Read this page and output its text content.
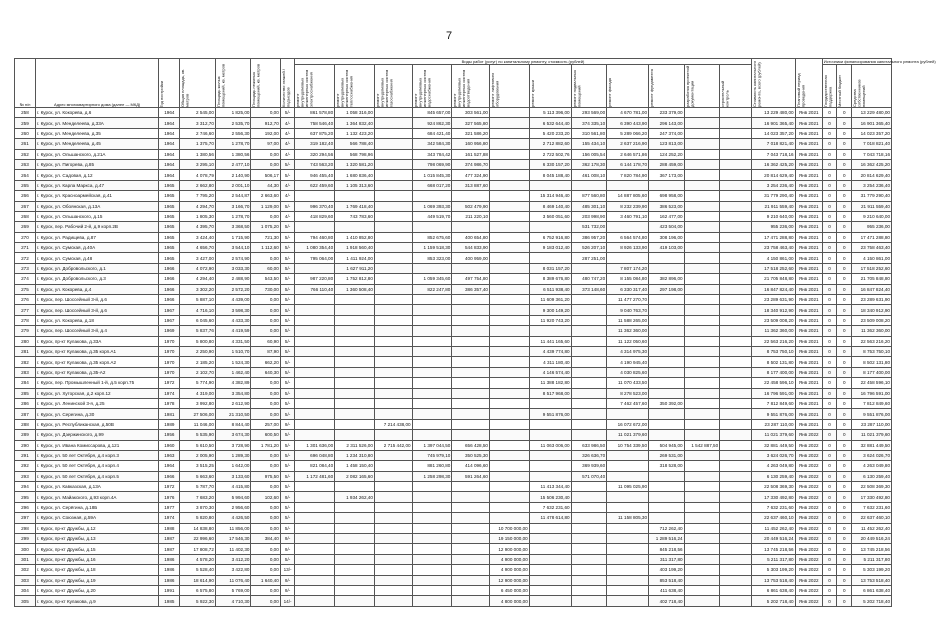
7
№ п/п	Адрес многоквартирного дома (далее — МКД)	Год постройки	Общая площадь, кв. метров	Площадь жилых помещений, кв. метров	Площадь нежилых помещений, кв. метров	Количество этажей / подъездов	Виды работ (услуг) по капитальному ремонту, стоимость (рублей)												Стоимость капитального ремонта, всего (рублей)	Плановый период проведения	Источники финансирования капитального ремонта (рублей)		

							ремонт внутридомовых инженерных систем электроснабжения	ремонт внутридомовых инженерных систем теплоснабжения	ремонт внутридомовых инженерных систем газоснабжения	ремонт внутридомовых инженерных систем водоснабжения	ремонт внутридомовых инженерных систем водоотведения	ремонт лифтового оборудования	ремонт крыши	ремонт подвальных помещений	ремонт фасада	ремонт фундамента	разработка проектной документации	строительный контроль			Государственная поддержка	Местный бюджет	Средства собственников помещений

258	г. Курск, ул. Кокорева, д.6	1964	2 545,00	1 825,00	0,00	5/-	861 578,80	1 058 316,00		845 657,00	303 561,00		5 113 396,00	293 569,00	4 670 781,00	233 379,00			13 229 480,00	Янв 2021	0	0	13 229 480,00
259	г. Курск, ул. Менделеева, д.33А	1964	3 312,70	2 535,70	912,70	4/-	758 546,40	1 364 832,40		924 862,30	327 565,80		6 532 644,40	374 335,10	6 390 443,90	296 143,00			16 901 365,40	Янв 2021	0	0	16 901 365,40
260	г. Курск, ул. Менделеева, д.35	1964	2 746,60	2 556,30	192,00	4/-	637 875,20	1 132 423,20		684 421,40	321 586,20		5 420 233,20	310 561,80	5 289 066,20	247 374,00			14 023 357,20	Янв 2021	0	0	14 023 357,20
261	г. Курск, ул. Менделеева, д.45	1964	1 375,70	1 278,70	97,00	4/-	319 182,40	566 788,40		342 584,30	160 956,80		2 712 882,60	155 434,10	2 637 216,90	123 813,00			7 018 821,40	Янв 2021	0	0	7 018 821,40
262	г. Курск, ул. Ольшанского, д.21А	1964	1 380,56	1 380,56	0,00	4/-	320 294,56	568 798,96		343 784,42	161 527,88		2 722 502,76	156 005,54	2 646 571,86	124 252,20			7 043 718,16	Янв 2021	0	0	7 043 718,16
263	г. Курск, ул. Пигорева, д.85	1964	3 295,10	2 477,10	0,00	5/-	743 563,20	1 320 581,20		798 069,90	374 986,70		6 330 157,20	362 178,30	6 144 178,70	288 459,00			16 362 425,20	Янв 2021	0	0	16 362 425,20
264	г. Курск, ул. Садовая, д.12	1964	4 078,79	2 140,90	506,17	5/-	946 455,40	1 680 836,40		1 015 845,30	477 324,90		8 045 188,40	461 008,10	7 820 784,90	367 173,00			20 814 629,40	Янв 2021	0	0	20 814 629,40
265	г. Курск, ул. Карла Маркса, д.47	1965	2 662,80	2 001,10	44,30	4/-	622 459,60	1 105 313,60		668 017,20	313 887,60								3 254 236,40	Янв 2021	0	0	3 254 236,40
266	г. Курск, ул. Красноармейская, д.41	1965	7 795,20	2 544,87	2 663,60	4/-							15 314 946,40	877 560,80	14 887 805,60	698 958,00			31 779 290,40	Янв 2021	0	0	31 779 290,40
267	г. Курск, ул. Обоянская, д.13А	1965	4 294,70	3 166,70	1 129,00	5/-	996 370,40	1 769 418,40		1 069 393,30	502 479,90		8 469 140,40	485 301,10	8 232 239,90	386 523,00			21 911 559,40	Янв 2021	0	0	21 911 559,40
268	г. Курск, ул. Ольшанского, д.15	1965	1 805,30	1 278,70	0,00	4/-	418 829,60	743 783,60		449 519,70	211 220,10		3 560 051,60	203 998,90	3 460 791,10	162 477,00			9 210 640,00	Янв 2021	0	0	9 210 640,00
269	г. Курск, пер. Рабочий 2-й, д.9 корп.2В	1965	4 395,70	3 368,50	1 075,20	5/-								531 732,00		423 504,00			955 236,00	Янв 2021	0	0	955 236,00
270	г. Курск, ул. Радищева, д.87	1965	3 424,40	1 715,90	721,30	5/-	794 460,80	1 410 852,80		852 675,60	400 654,80		6 752 916,80	386 957,20	6 564 574,80	308 196,00			17 471 288,80	Янв 2021	0	0	17 471 288,80
271	г. Курск, ул. Сумская, д.40А	1965	4 656,70	3 544,10	1 112,60	5/-	1 080 354,40	1 918 560,40		1 159 518,30	544 833,90		9 183 012,40	526 207,10	8 926 133,90	419 103,00			23 758 463,40	Янв 2021	0	0	23 758 463,40
272	г. Курск, ул. Сумская, д.48	1965	3 427,00	2 574,90	0,00	5/-	795 064,00	1 411 924,00		853 323,00	400 959,00			287 251,00					4 150 861,00	Янв 2021	0	0	4 150 861,00
273	г. Курск, ул. Добровольского, д.1	1966	4 072,90	3 033,30	60,00	5/-		1 627 911,20					8 031 157,20		7 807 174,20				17 518 252,60	Янв 2021	0	0	17 518 252,60
274	г. Курск, ул. Добровольского, д.3	1966	4 294,40	2 488,90	543,50	5/-	987 220,80	1 752 812,80		1 059 345,60	497 754,80		8 389 676,80	480 747,20	8 155 084,80	382 896,00			21 705 848,80	Янв 2021	0	0	21 705 848,80
275	г. Курск, ул. Кокорева, д.4	1966	3 302,20	2 572,20	730,00	5/-	766 110,40	1 360 508,40		822 247,80	386 357,40		6 511 938,40	373 148,60	6 330 317,40	297 198,00			16 847 824,40	Янв 2021	0	0	16 847 824,40
276	г. Курск, пер. Шоссейный 3-й, д.6	1966	5 887,10	4 439,00	0,00	5/-							11 609 361,20		11 477 270,70				23 289 631,90	Янв 2021	0	0	23 289 631,90
277	г. Курск, пер. Шоссейный 3-й, д.6	1967	4 716,10	3 598,30	0,00	5/-							9 300 149,20		9 040 763,70				18 340 912,90	Янв 2021	0	0	18 340 912,90
278	г. Курск, ул. Кокорева, д.18	1967	6 045,60	4 433,30	0,00	5/-							11 920 743,20		11 588 265,00				23 509 008,20	Янв 2021	0	0	23 509 008,20
279	г. Курск, пер. Шоссейный 3-й, д.4	1969	5 837,76	4 419,59	0,00	5/-									11 362 360,00				11 362 360,00	Янв 2021	0	0	11 362 360,00
280	г. Курск, пр-кт Кулакова, д.33А	1970	5 800,80	4 331,50	60,90	5/-							11 441 165,60		11 122 050,60				22 563 216,20	Янв 2021	0	0	22 563 216,20
281	г. Курск, пр-кт Кулакова, д.35 корп.А1	1970	2 250,90	1 510,70	87,90	5/-							4 439 774,80		4 314 975,30				8 753 750,10	Янв 2021	0	0	8 753 750,10
282	г. Курск, пр-кт Кулакова, д.35 корп.А2	1970	2 185,20	1 524,30	662,20	5/-							4 311 180,40		4 190 945,40				8 502 131,80	Янв 2021	0	0	8 502 131,80
283	г. Курск, пр-кт Кулакова, д.35-А2	1970	2 102,70	1 462,40	640,30	5/-							4 146 574,40		4 030 825,60				8 177 400,00	Янв 2021	0	0	8 177 400,00
284	г. Курск, пер. Промышленный 1-й, д.5 корп.75	1972	5 774,90	4 382,89	0,00	5/-							11 388 182,80		11 070 433,50				22 458 596,10	Янв 2021	0	0	22 458 596,10
285	г. Курск, ул. Хуторская, д.2 корп.12	1974	4 319,00	3 354,80	0,00	5/-							8 517 968,00		8 278 523,00				16 796 591,00	Янв 2021	0	0	16 796 591,00
286	г. Курск, ул. Ленинской 3-я, д.25	1978	3 992,80	2 612,90	0,00	5/-									7 462 457,60	350 392,00			7 812 849,60	Янв 2021	0	0	7 812 849,60
287	г. Курск, ул. Серегина, д.30	1981	27 506,00	21 310,50	0,00	5/-							9 551 876,00						9 551 876,00	Янв 2021	0	0	9 551 876,00
288	г. Курск, ул. Республиканская, д.50В	1989	11 046,00	8 844,40	257,00	9/-			7 214 438,00						16 072 672,00				23 287 110,00	Янв 2021	0	0	23 287 110,00
289	г. Курск, ул. Дзержинского, д.99	1956	5 535,90	3 674,30	600,50	5/-									11 021 379,60				11 021 379,60	Янв 2022	0	0	11 021 379,60
290	г. Курск, ул. Ивана Комиссарова, д.121	1960	5 610,50	3 728,90	1 781,20	5/-	1 301 636,00	2 311 526,00	2 715 442,00	1 397 044,50	656 428,50		11 063 006,00	633 986,50	10 754 339,50	504 945,00	1 542 887,50		32 881 449,50	Янв 2022	0	0	32 881 449,50
291	г. Курск, ул. 50 лет Октября, д.4 корп.3	1963	2 005,90	1 289,30	0,00	5/-	696 048,80	1 234 310,80		745 979,10	350 525,30			326 636,70		269 531,00			3 624 026,70	Янв 2022	0	0	3 624 026,70
292	г. Курск, ул. 50 лет Октября, д.4 корп.4	1964	3 515,25	1 642,00	0,00	5/-	821 084,40	1 458 150,40		881 260,80	414 096,60			369 939,60		318 528,00			4 263 049,80	Янв 2022	0	0	4 263 049,80
293	г. Курск, ул. 50 лет Октября, д.4 корп.5	1966	5 663,60	3 133,60	975,50	5/-	1 172 481,60	2 082 165,60		1 258 298,30	591 264,60			571 070,40					6 130 259,40	Янв 2022	0	0	6 130 259,40
294	г. Курск, ул. Кавказская, д.13А	1972	5 787,70	4 415,80	0,00	5/-							11 413 344,40		11 095 025,90				22 508 369,30	Янв 2022	0	0	22 508 369,30
295	г. Курск, ул. Майакского, д.93 корп.4А	1976	7 683,20	5 994,60	102,60	9/-		1 934 262,40					15 506 230,40						17 330 492,80	Янв 2022	0	0	17 330 492,80
296	г. Курск, ул. Серёгина, д.18Б	1977	3 870,30	2 956,60	0,00	5/-							7 632 231,60						7 632 231,60	Янв 2022	0	0	7 632 231,60
297	г. Курск, ул. Союзная, д.59А	1974	5 820,80	4 426,50	0,00	5/-							11 478 614,80		11 158 805,30				22 637 460,10	Янв 2022	0	0	22 637 460,10
298	г. Курск, пр-кт Дружбы, д.12	1988	14 838,80	11 856,00	0,00	5/-						10 700 000,00				712 262,40			11 452 262,40	Янв 2022	0	0	11 452 262,40
299	г. Курск, пр-кт Дружбы, д.13	1987	22 996,60	17 546,30	384,40	9/-						19 150 000,00				1 289 516,24			20 449 516,24	Янв 2022	0	0	20 449 516,24
300	г. Курск, пр-кт Дружбы, д.15	1987	17 808,72	11 402,30	0,00	9/-						12 900 000,00				845 218,56			13 745 218,56	Янв 2022	0	0	13 745 218,56
301	г. Курск, пр-кт Дружбы, д.16	1986	4 578,20	3 412,20	0,00	5/-						4 900 000,00				311 317,80			5 211 317,80	Янв 2022	0	0	5 211 317,80
302	г. Курск, пр-кт Дружбы, д.18	1986	5 528,40	3 422,80	0,00	13/-						4 900 000,00				403 199,20			5 303 199,20	Янв 2022	0	0	5 303 199,20
303	г. Курск, пр-кт Дружбы, д.19	1986	18 614,90	11 076,40	1 640,40	9/-						12 900 000,00				853 518,40			13 753 518,40	Янв 2022	0	0	13 753 518,40
304	г. Курск, пр-кт Дружбы, д.20	1991	6 575,80	5 769,00	0,00	9/-						6 450 000,00				411 638,40			6 861 638,40	Янв 2022	0	0	6 861 638,40
305	г. Курск, пр-кт Кулакова, д.9	1985	5 922,30	4 710,30	0,00	14/-						4 800 000,00				402 718,40			5 202 718,40	Янв 2022	0	0	5 202 718,40
